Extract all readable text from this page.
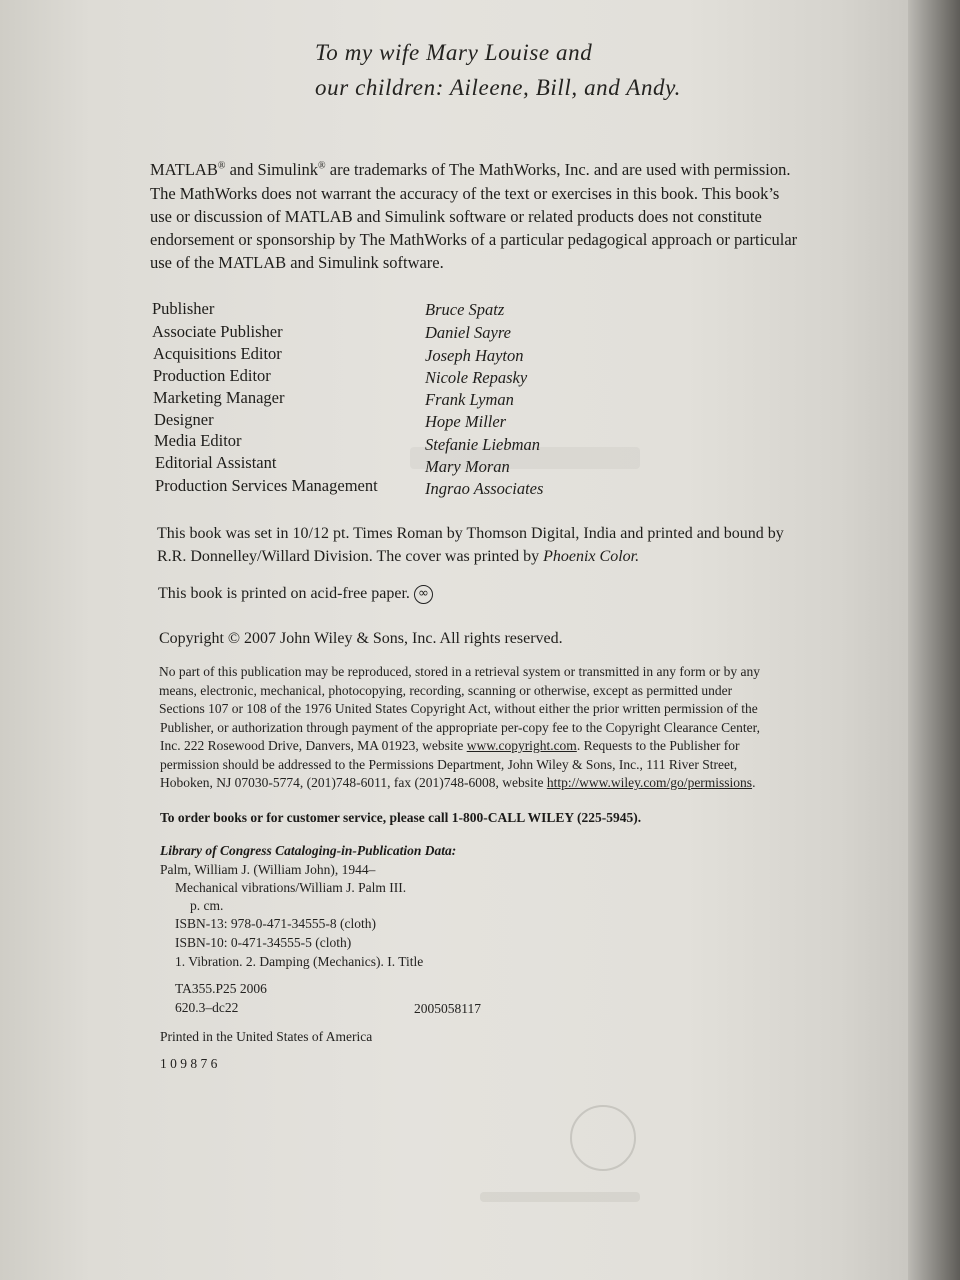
To my wife Mary Louise and

our children: Aileene, Bill, and Andy.

MATLAB® and Simulink® are trademarks of The MathWorks, Inc. and are used with permission.

The MathWorks does not warrant the accuracy of the text or exercises in this book. This book’s

use or discussion of MATLAB and Simulink software or related products does not constitute

endorsement or sponsorship by The MathWorks of a particular pedagogical approach or particular

use of the MATLAB and Simulink software.

Publisher	Bruce Spatz

Associate Publisher	Daniel Sayre

Acquisitions Editor	Joseph Hayton

Production Editor	Nicole Repasky

Marketing Manager	Frank Lyman

Designer	Hope Miller

Media Editor	Stefanie Liebman

Editorial Assistant	Mary Moran

Production Services Management	Ingrao Associates

This book was set in 10/12 pt. Times Roman by Thomson Digital, India and printed and bound by

R.R. Donnelley/Willard Division. The cover was printed by Phoenix Color.

This book is printed on acid-free paper. ∞

Copyright © 2007 John Wiley & Sons, Inc. All rights reserved.

No part of this publication may be reproduced, stored in a retrieval system or transmitted in any form or by any

means, electronic, mechanical, photocopying, recording, scanning or otherwise, except as permitted under

Sections 107 or 108 of the 1976 United States Copyright Act, without either the prior written permission of the

Publisher, or authorization through payment of the appropriate per-copy fee to the Copyright Clearance Center,

Inc. 222 Rosewood Drive, Danvers, MA 01923, website www.copyright.com. Requests to the Publisher for

permission should be addressed to the Permissions Department, John Wiley & Sons, Inc., 111 River Street,

Hoboken, NJ 07030-5774, (201)748-6011, fax (201)748-6008, website http://www.wiley.com/go/permissions.

To order books or for customer service, please call 1-800-CALL WILEY (225-5945).

Library of Congress Cataloging-in-Publication Data:

Palm, William J. (William John), 1944–

Mechanical vibrations/William J. Palm III.

p. cm.

ISBN-13: 978-0-471-34555-8 (cloth)

ISBN-10: 0-471-34555-5 (cloth)

1. Vibration. 2. Damping (Mechanics). I. Title

TA355.P25 2006

620.3–dc22	2005058117

Printed in the United States of America

1 0 9 8 7 6
